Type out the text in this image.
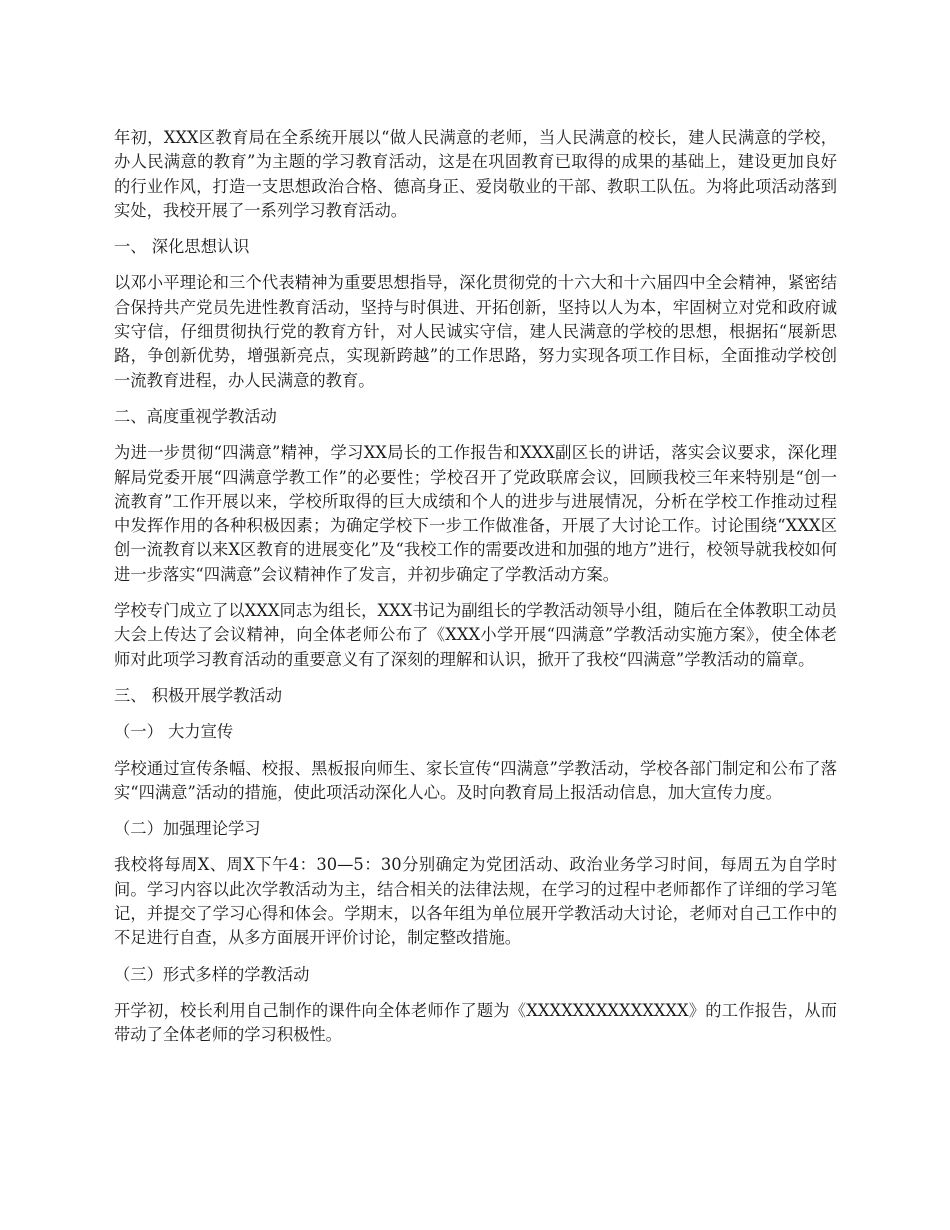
年初，XXX区教育局在全系统开展以“做人民满意的老师，当人民满意的校长，建人民满意的学校，办人民满意的教育”为主题的学习教育活动，这是在巩固教育已取得的成果的基础上，建设更加良好的行业作风，打造一支思想政治合格、德高身正、爱岗敬业的干部、教职工队伍。为将此项活动落到实处，我校开展了一系列学习教育活动。

一、 深化思想认识

以邓小平理论和三个代表精神为重要思想指导，深化贯彻党的十六大和十六届四中全会精神，紧密结合保持共产党员先进性教育活动，坚持与时俱进、开拓创新，坚持以人为本，牢固树立对党和政府诚实守信，仔细贯彻执行党的教育方针，对人民诚实守信，建人民满意的学校的思想，根据拓“展新思路，争创新优势，增强新亮点，实现新跨越”的工作思路，努力实现各项工作目标，全面推动学校创一流教育进程，办人民满意的教育。

二、高度重视学教活动

为进一步贯彻“四满意”精神，学习XX局长的工作报告和XXX副区长的讲话，落实会议要求，深化理解局党委开展“四满意学教工作”的必要性；学校召开了党政联席会议，回顾我校三年来特别是“创一流教育”工作开展以来，学校所取得的巨大成绩和个人的进步与进展情况，分析在学校工作推动过程中发挥作用的各种积极因素；为确定学校下一步工作做准备，开展了大讨论工作。讨论围绕“XXX区创一流教育以来X区教育的进展变化”及“我校工作的需要改进和加强的地方”进行，校领导就我校如何进一步落实“四满意”会议精神作了发言，并初步确定了学教活动方案。

学校专门成立了以XXX同志为组长，XXX书记为副组长的学教活动领导小组，随后在全体教职工动员大会上传达了会议精神，向全体老师公布了《XXX小学开展“四满意”学教活动实施方案》，使全体老师对此项学习教育活动的重要意义有了深刻的理解和认识，掀开了我校“四满意”学教活动的篇章。

三、 积极开展学教活动

（一） 大力宣传

学校通过宣传条幅、校报、黑板报向师生、家长宣传“四满意”学教活动，学校各部门制定和公布了落实“四满意”活动的措施，使此项活动深化人心。及时向教育局上报活动信息，加大宣传力度。

（二）加强理论学习

我校将每周X、周X下午4：30—5：30分别确定为党团活动、政治业务学习时间，每周五为自学时间。学习内容以此次学教活动为主，结合相关的法律法规，在学习的过程中老师都作了详细的学习笔记，并提交了学习心得和体会。学期末，以各年组为单位展开学教活动大讨论，老师对自己工作中的不足进行自查，从多方面展开评价讨论，制定整改措施。

（三）形式多样的学教活动

开学初，校长利用自己制作的课件向全体老师作了题为《XXXXXXXXXXXXXX》的工作报告，从而带动了全体老师的学习积极性。
